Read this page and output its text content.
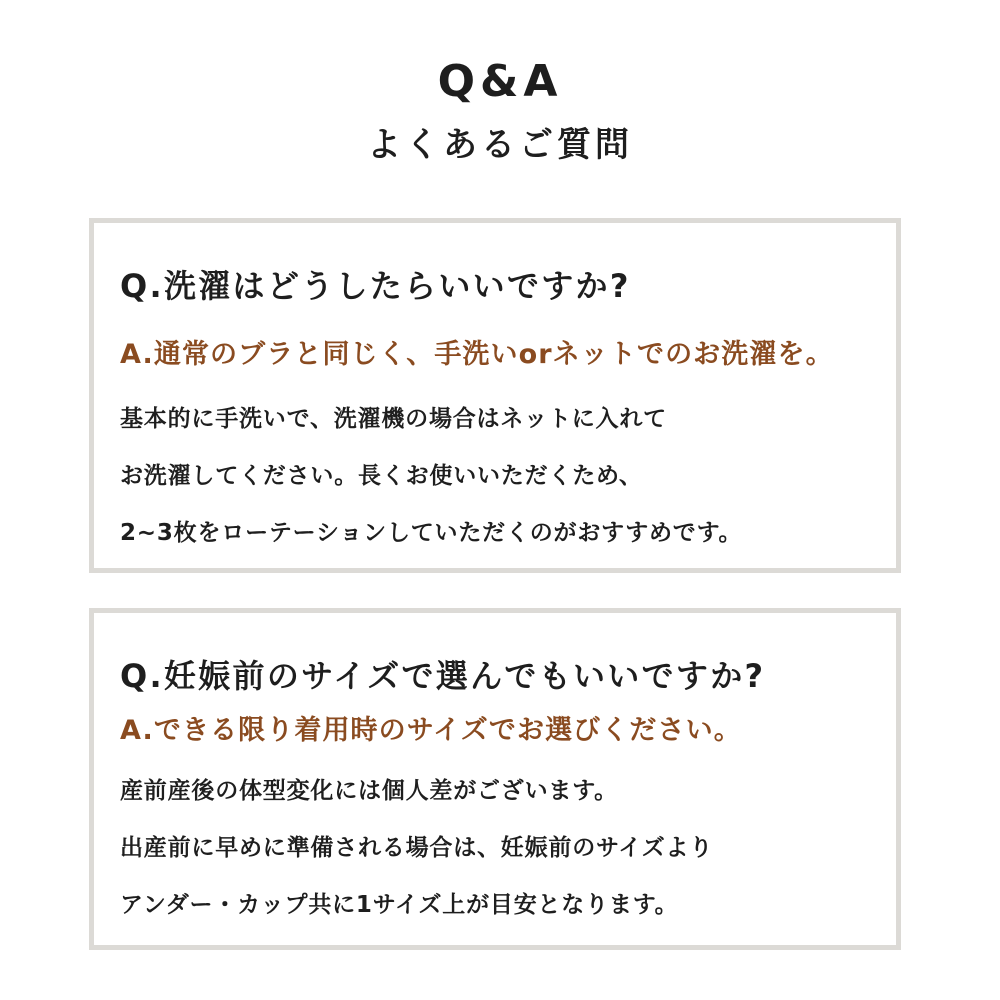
Q&A
よくあるご質問
Q.洗濯はどうしたらいいですか?
A.通常のブラと同じく、手洗いorネットでのお洗濯を。
基本的に手洗いで、洗濯機の場合はネットに入れて
お洗濯してください。長くお使いいただくため、
2~3枚をローテーションしていただくのがおすすめです。
Q.妊娠前のサイズで選んでもいいですか?
A.できる限り着用時のサイズでお選びください。
産前産後の体型変化には個人差がございます。
出産前に早めに準備される場合は、妊娠前のサイズより
アンダー・カップ共に1サイズ上が目安となります。
